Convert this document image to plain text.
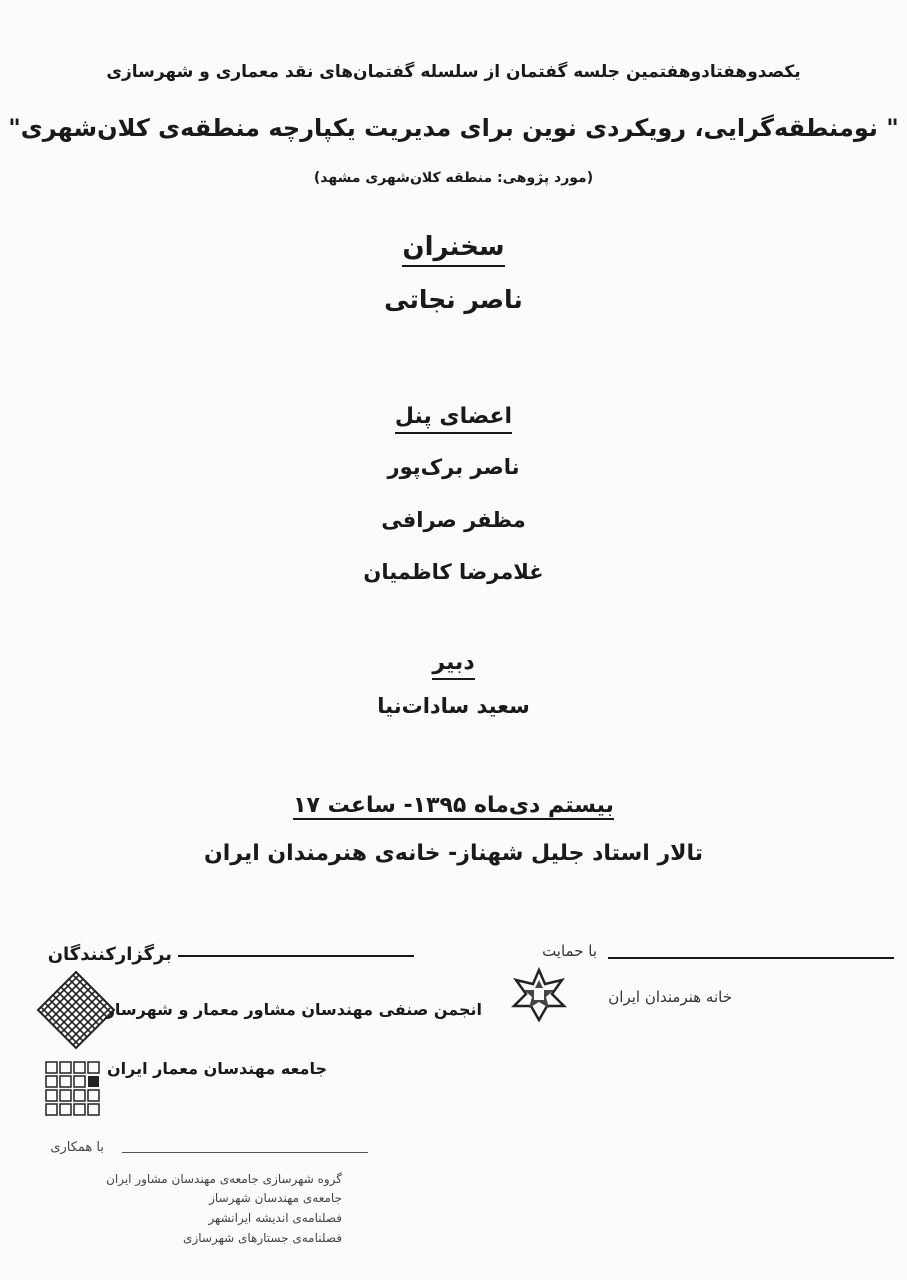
یکصدوهفتادوهفتمین جلسه گفتمان از سلسله گفتمان‌های نقد معماری و شهرسازی
" نومنطقه‌گرایی، رویکردی نوین برای مدیریت یکپارچه منطقه‌ی کلان‌شهری"
(مورد پژوهی: منطقه کلان‌شهری مشهد)
سخنران
ناصر نجاتی
اعضای پنل
ناصر برک‌پور
مظفر صرافی
غلامرضا کاظمیان
دبیر
سعید سادات‌نیا
بیستم دی‌ماه ۱۳۹۵- ساعت ۱۷
تالار استاد جلیل شهناز- خانه‌ی هنرمندان ایران
برگزارکنندگان
انجمن صنفی مهندسان مشاور معمار و شهرساز
جامعه مهندسان معمار ایران
با حمایت
خانه هنرمندان ایران
با همکاری
گروه شهرسازی جامعه‌ی مهندسان مشاور ایران
جامعه‌ی مهندسان شهرساز
فصلنامه‌ی اندیشه ایرانشهر
فصلنامه‌ی جستارهای شهرسازی
